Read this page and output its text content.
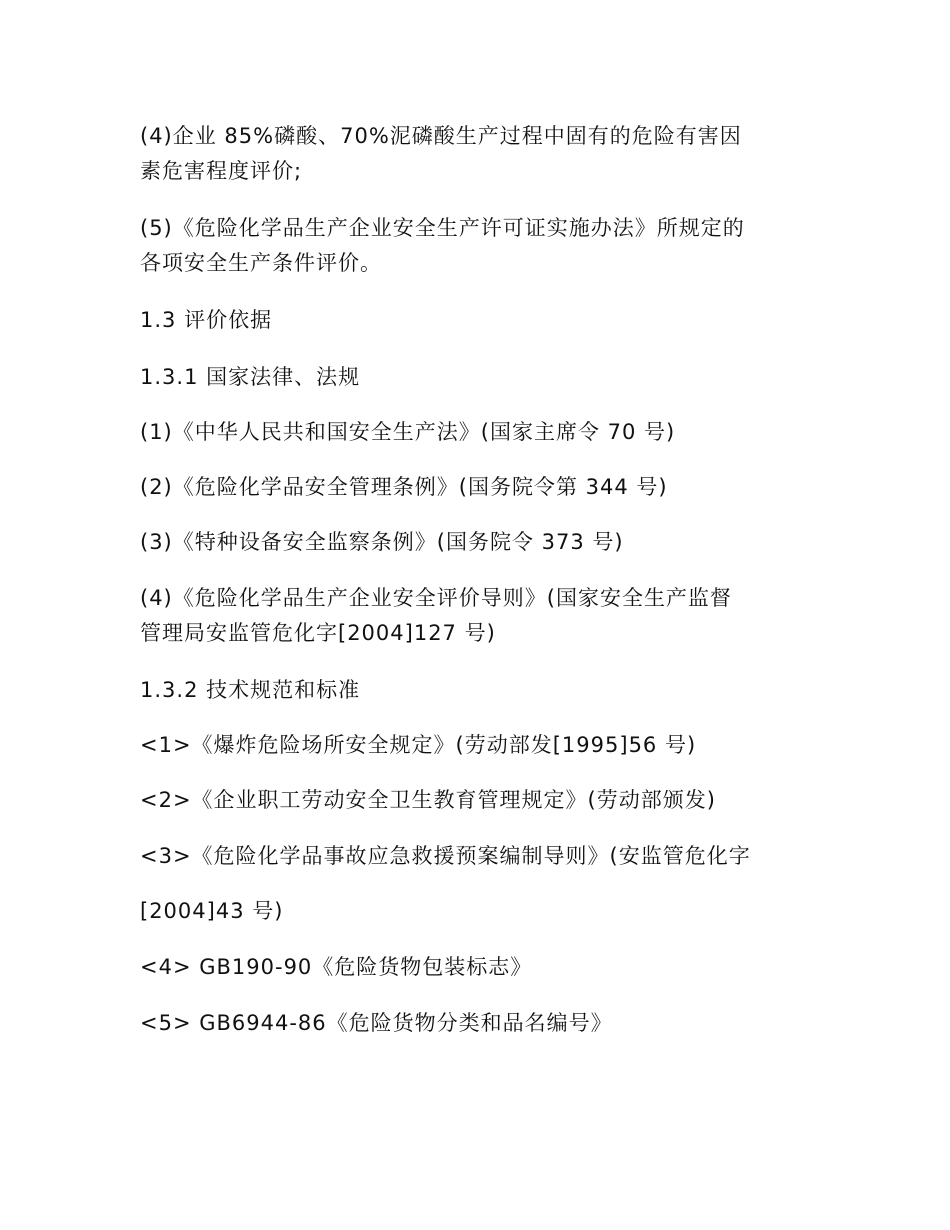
(4)企业 85%磷酸、70%泥磷酸生产过程中固有的危险有害因
素危害程度评价;
(5)《危险化学品生产企业安全生产许可证实施办法》所规定的
各项安全生产条件评价。
1.3 评价依据
1.3.1 国家法律、法规
(1)《中华人民共和国安全生产法》(国家主席令 70 号)
(2)《危险化学品安全管理条例》(国务院令第 344 号)
(3)《特种设备安全监察条例》(国务院令 373 号)
(4)《危险化学品生产企业安全评价导则》(国家安全生产监督
管理局安监管危化字[2004]127 号)
1.3.2 技术规范和标准
<1>《爆炸危险场所安全规定》(劳动部发[1995]56 号)
<2>《企业职工劳动安全卫生教育管理规定》(劳动部颁发)
<3>《危险化学品事故应急救援预案编制导则》(安监管危化字
[2004]43 号)
<4> GB190-90《危险货物包装标志》
<5> GB6944-86《危险货物分类和品名编号》
